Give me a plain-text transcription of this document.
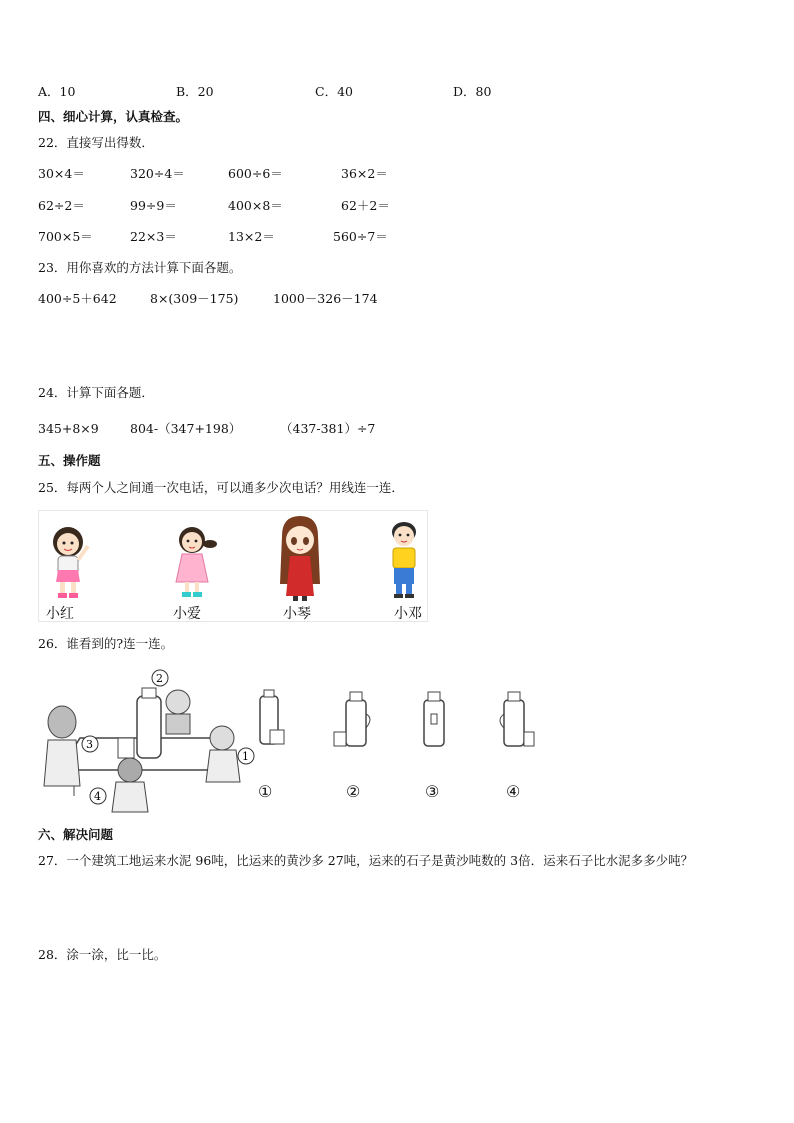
A．10	B．20	C．40	D．80
四、细心计算，认真检查。
22．直接写出得数．
30×4＝	320÷4＝	600÷6＝	36×2＝
62÷2＝	99÷9＝	400×8＝	62＋2＝
700×5＝	22×3＝	13×2＝	560÷7＝
23．用你喜欢的方法计算下面各题。
400÷5＋642	8×(309－175)	1000－326－174
24．计算下面各题．
345+8×9	804-（347+198）	（437-381）÷7
五、操作题
25．每两个人之间通一次电话，可以通多少次电话？用线连一连．
小红	小爱	小琴	小邓
26．谁看到的?连一连。
2
3
1
4	①	②	③	④
六、解决问题
27．一个建筑工地运来水泥 96吨，比运来的黄沙多 27吨，运来的石子是黄沙吨数的 3倍．运来石子比水泥多多少吨？
28．涂一涂，比一比。
